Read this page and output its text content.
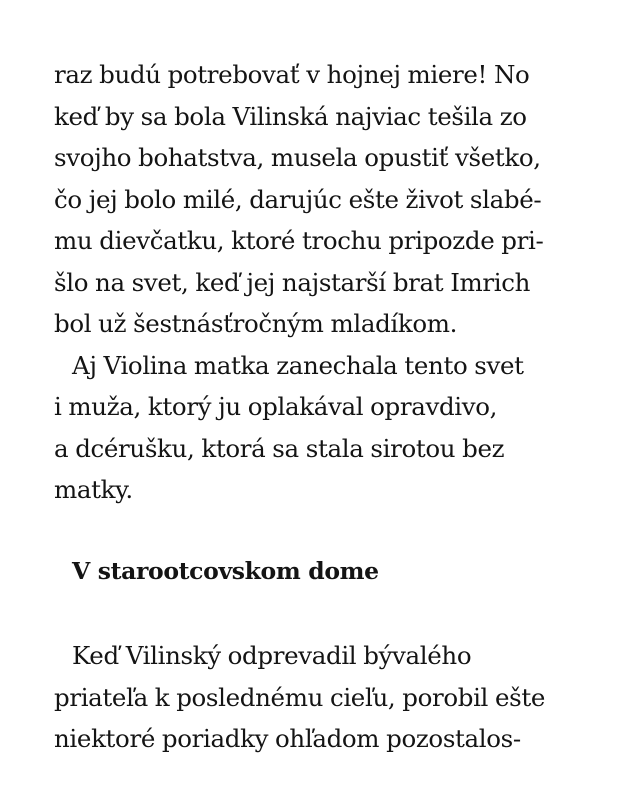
raz budú potrebovať v hojnej miere! No
keď by sa bola Vilinská najviac tešila zo
svojho bohatstva, musela opustiť všetko,
čo jej bolo milé, darujúc ešte život slabé-
mu dievčatku, ktoré trochu pripozde pri-
šlo na svet, keď jej najstarší brat Imrich
bol už šestnásťročným mladíkom.
Aj Violina matka zanechala tento svet
i muža, ktorý ju oplakával opravdivo,
a dcérušku, ktorá sa stala sirotou bez
matky.
V starootcovskom dome
Keď Vilinský odprevadil bývalého
priateľa k poslednému cieľu, porobil ešte
niektoré poriadky ohľadom pozostalos-
